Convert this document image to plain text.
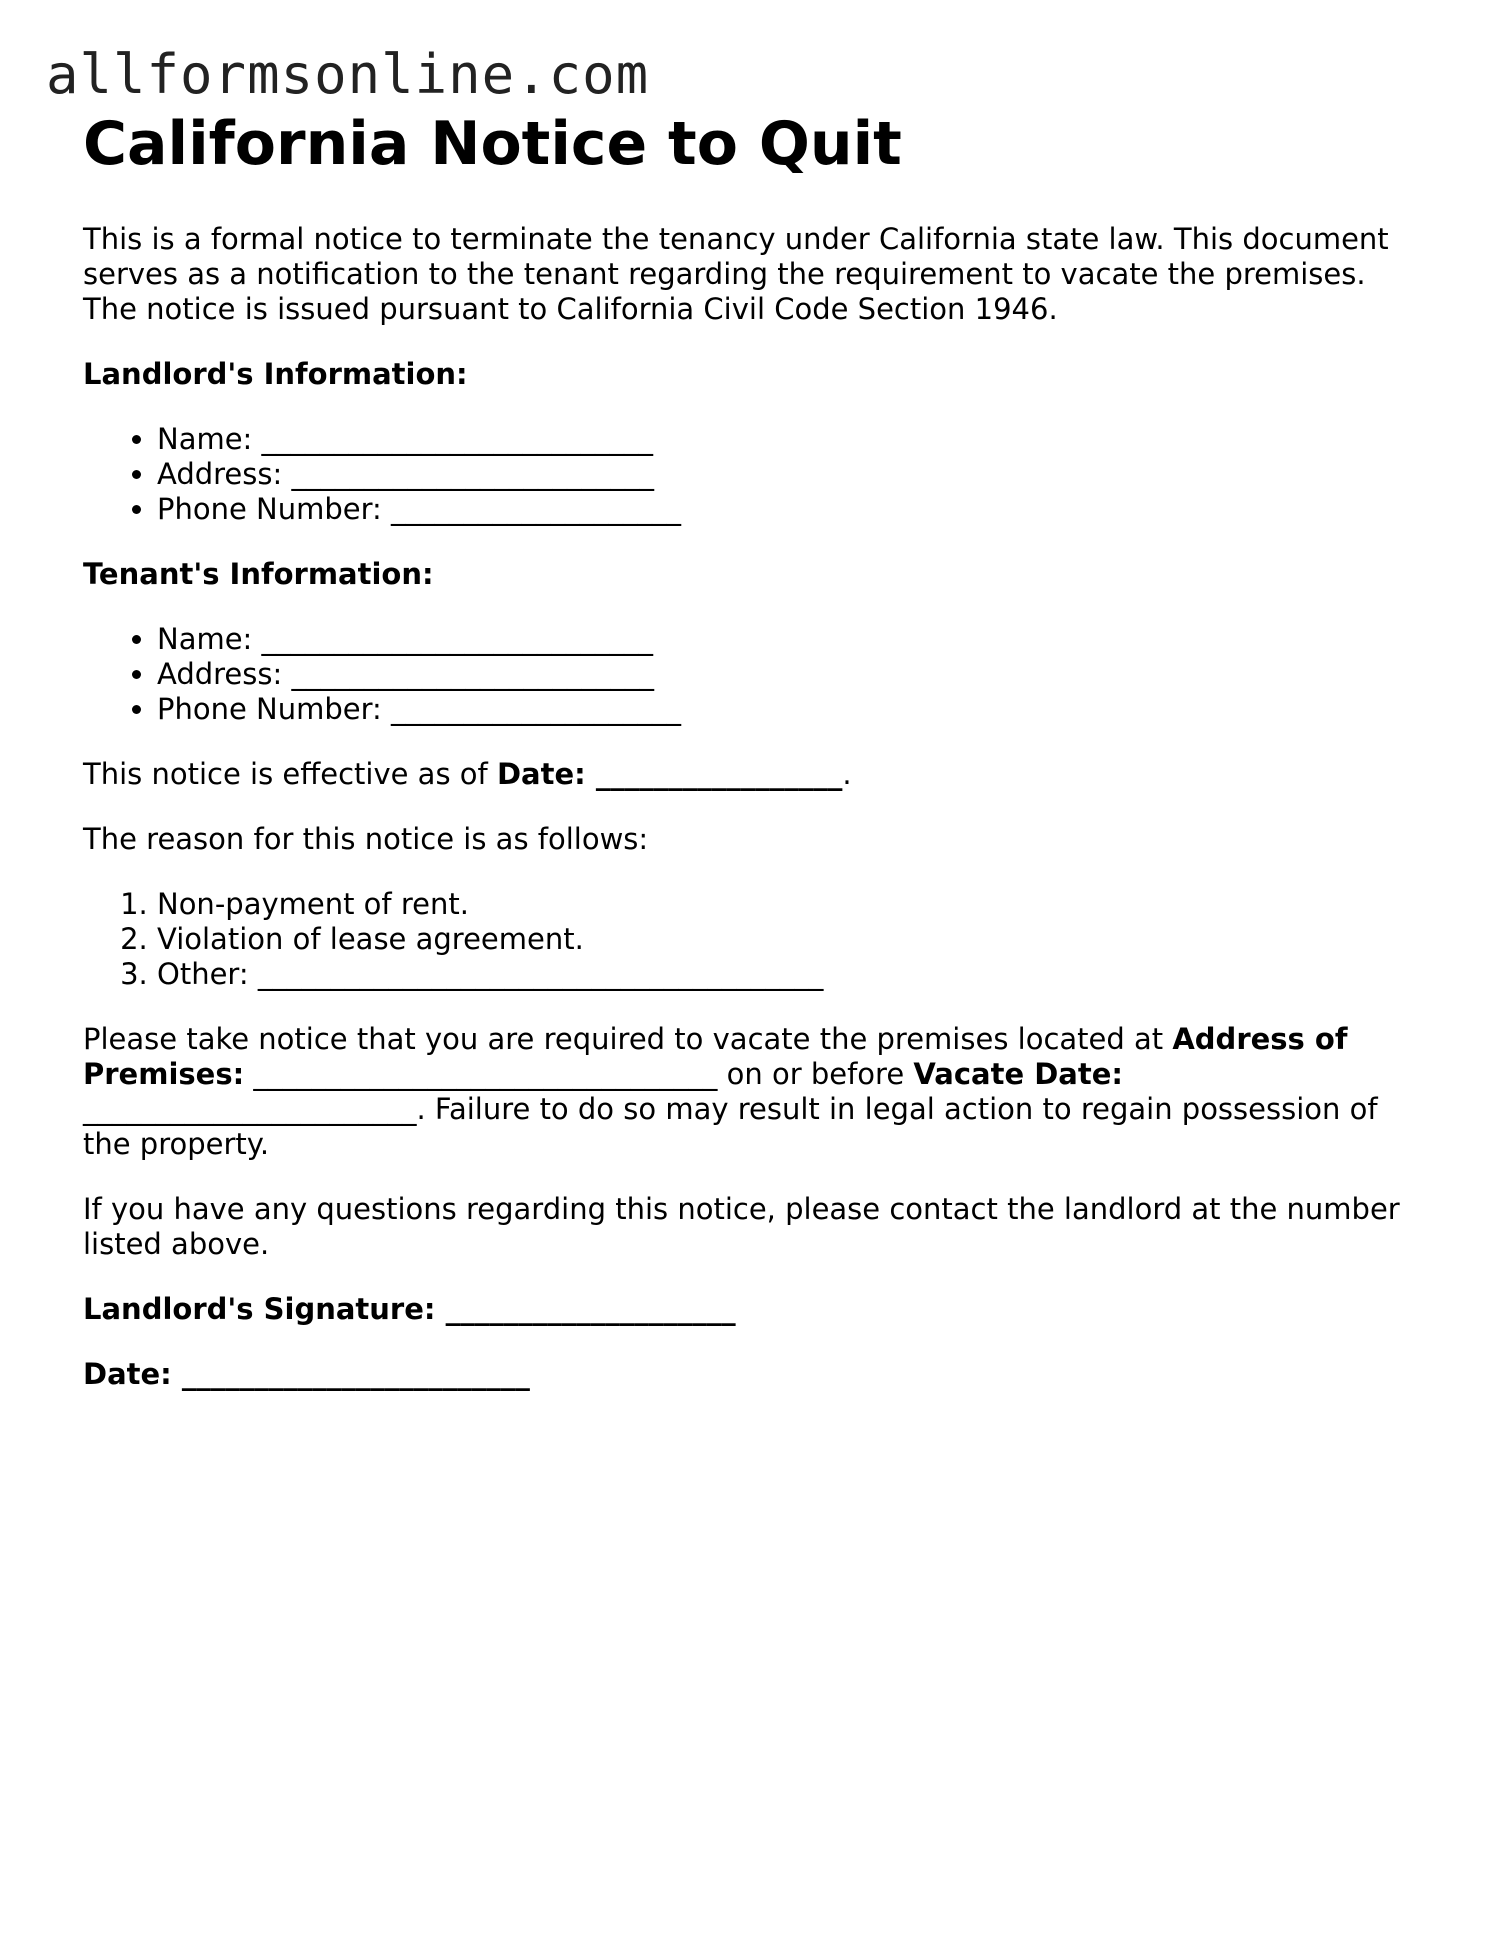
allformsonline.com
California Notice to Quit

This is a formal notice to terminate the tenancy under California state law. This document serves as a notification to the tenant regarding the requirement to vacate the premises. The notice is issued pursuant to California Civil Code Section 1946.

Landlord's Information:

• Name: ___________________________
• Address: _________________________
• Phone Number: ____________________

Tenant's Information:

• Name: ___________________________
• Address: _________________________
• Phone Number: ____________________

This notice is effective as of Date: _________________.

The reason for this notice is as follows:

1. Non-payment of rent.
2. Violation of lease agreement.
3. Other: _______________________________________

Please take notice that you are required to vacate the premises located at Address of Premises: ________________________________ on or before Vacate Date: _______________________. Failure to do so may result in legal action to regain possession of the property.

If you have any questions regarding this notice, please contact the landlord at the number listed above.

Landlord's Signature: ____________________

Date: ________________________
